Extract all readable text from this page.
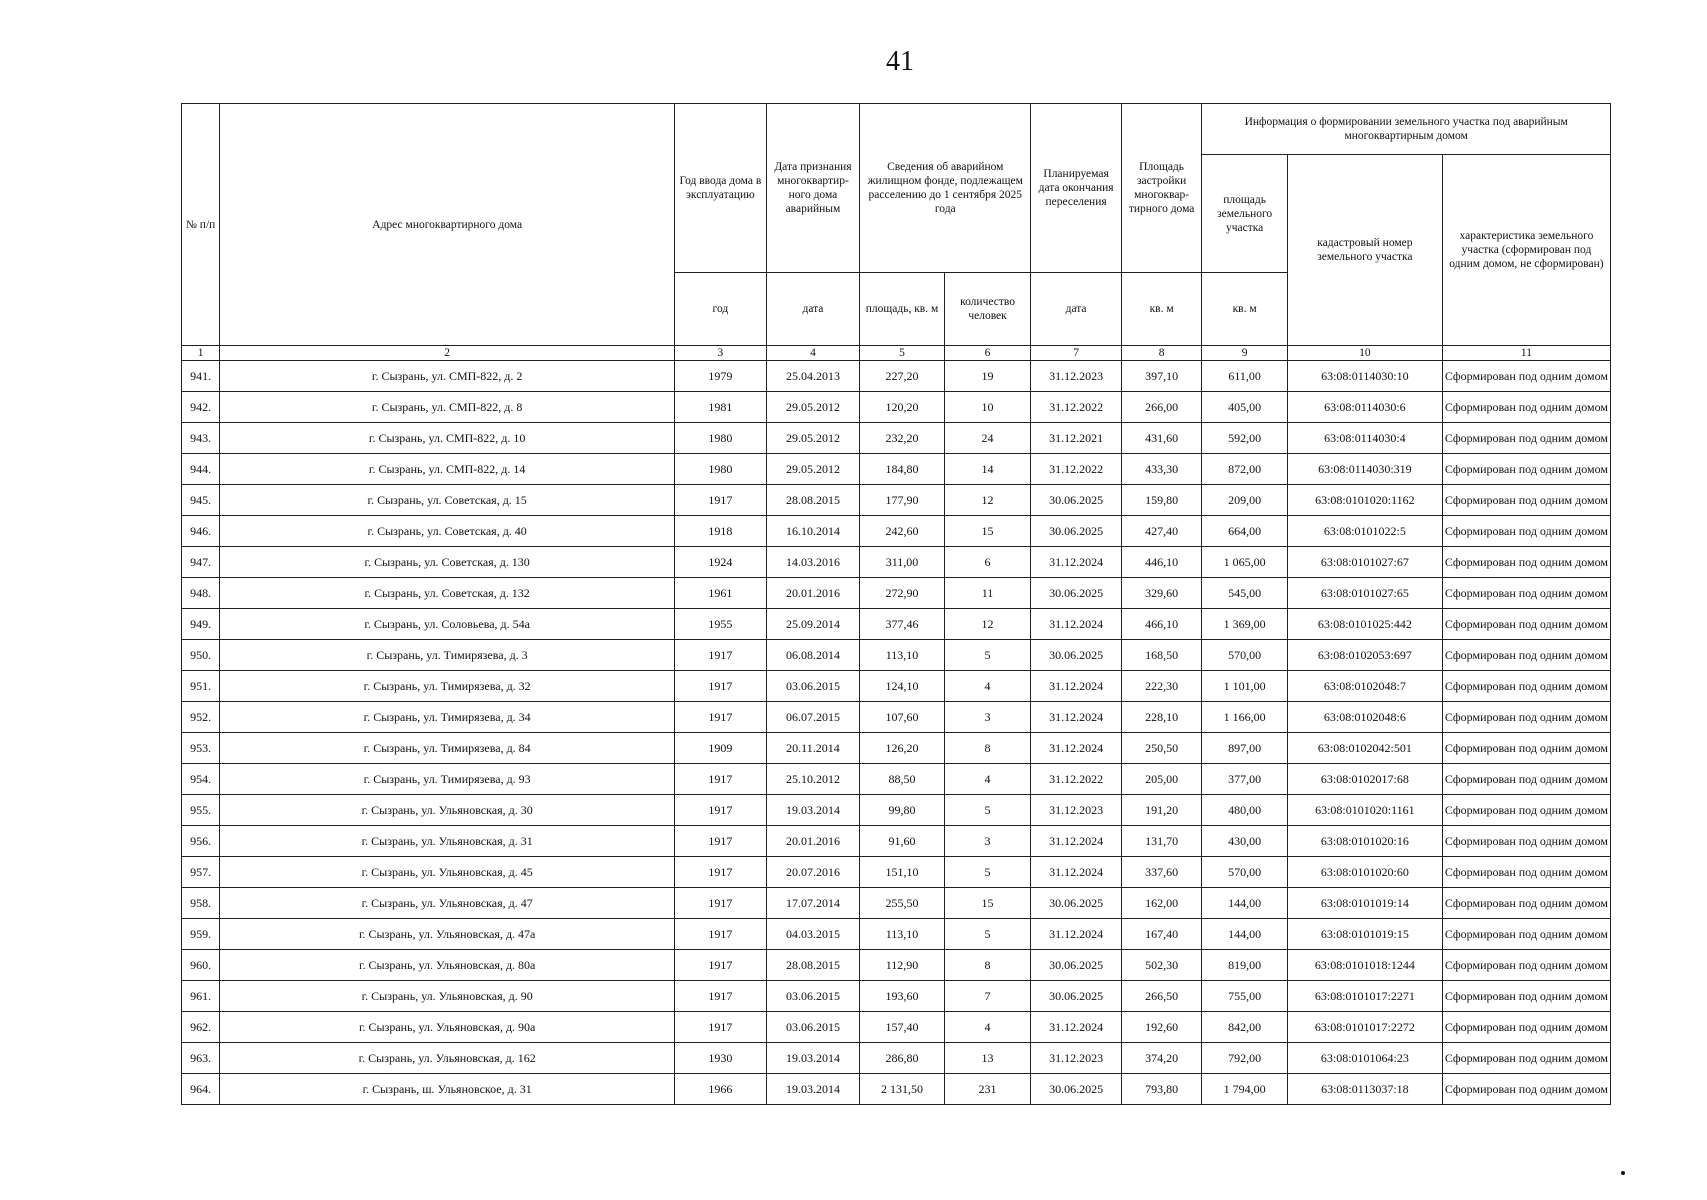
41
№ п/п	Адрес многоквартирного дома	Год ввода дома в эксплуатацию	Дата признания многоквартир-ного дома аварийным	Сведения об аварийном жилищном фонде, подлежащем расселению до 1 сентября 2025 года		Планируемая дата окончания переселения	Площадь застройки многоквар-тирного дома	Информация о формировании земельного участка под аварийным многоквартирным домом		
								площадь земельного участка	кадастровый номер земельного участка	характеристика земельного участка (сформирован под одним домом, не сформирован)
		год	дата	площадь, кв. м	количество человек	дата	кв. м	кв. м		
1	2	3	4	5	6	7	8	9	10	11
941.	г. Сызрань, ул. СМП-822, д. 2	1979	25.04.2013	227,20	19	31.12.2023	397,10	611,00	63:08:0114030:10	Сформирован под одним домом
942.	г. Сызрань, ул. СМП-822, д. 8	1981	29.05.2012	120,20	10	31.12.2022	266,00	405,00	63:08:0114030:6	Сформирован под одним домом
943.	г. Сызрань, ул. СМП-822, д. 10	1980	29.05.2012	232,20	24	31.12.2021	431,60	592,00	63:08:0114030:4	Сформирован под одним домом
944.	г. Сызрань, ул. СМП-822, д. 14	1980	29.05.2012	184,80	14	31.12.2022	433,30	872,00	63:08:0114030:319	Сформирован под одним домом
945.	г. Сызрань, ул. Советская, д. 15	1917	28.08.2015	177,90	12	30.06.2025	159,80	209,00	63:08:0101020:1162	Сформирован под одним домом
946.	г. Сызрань, ул. Советская, д. 40	1918	16.10.2014	242,60	15	30.06.2025	427,40	664,00	63:08:0101022:5	Сформирован под одним домом
947.	г. Сызрань, ул. Советская, д. 130	1924	14.03.2016	311,00	6	31.12.2024	446,10	1 065,00	63:08:0101027:67	Сформирован под одним домом
948.	г. Сызрань, ул. Советская, д. 132	1961	20.01.2016	272,90	11	30.06.2025	329,60	545,00	63:08:0101027:65	Сформирован под одним домом
949.	г. Сызрань, ул. Соловьева, д. 54а	1955	25.09.2014	377,46	12	31.12.2024	466,10	1 369,00	63:08:0101025:442	Сформирован под одним домом
950.	г. Сызрань, ул. Тимирязева, д. 3	1917	06.08.2014	113,10	5	30.06.2025	168,50	570,00	63:08:0102053:697	Сформирован под одним домом
951.	г. Сызрань, ул. Тимирязева, д. 32	1917	03.06.2015	124,10	4	31.12.2024	222,30	1 101,00	63:08:0102048:7	Сформирован под одним домом
952.	г. Сызрань, ул. Тимирязева, д. 34	1917	06.07.2015	107,60	3	31.12.2024	228,10	1 166,00	63:08:0102048:6	Сформирован под одним домом
953.	г. Сызрань, ул. Тимирязева, д. 84	1909	20.11.2014	126,20	8	31.12.2024	250,50	897,00	63:08:0102042:501	Сформирован под одним домом
954.	г. Сызрань, ул. Тимирязева, д. 93	1917	25.10.2012	88,50	4	31.12.2022	205,00	377,00	63:08:0102017:68	Сформирован под одним домом
955.	г. Сызрань, ул. Ульяновская, д. 30	1917	19.03.2014	99,80	5	31.12.2023	191,20	480,00	63:08:0101020:1161	Сформирован под одним домом
956.	г. Сызрань, ул. Ульяновская, д. 31	1917	20.01.2016	91,60	3	31.12.2024	131,70	430,00	63:08:0101020:16	Сформирован под одним домом
957.	г. Сызрань, ул. Ульяновская, д. 45	1917	20.07.2016	151,10	5	31.12.2024	337,60	570,00	63:08:0101020:60	Сформирован под одним домом
958.	г. Сызрань, ул. Ульяновская, д. 47	1917	17.07.2014	255,50	15	30.06.2025	162,00	144,00	63:08:0101019:14	Сформирован под одним домом
959.	г. Сызрань, ул. Ульяновская, д. 47а	1917	04.03.2015	113,10	5	31.12.2024	167,40	144,00	63:08:0101019:15	Сформирован под одним домом
960.	г. Сызрань, ул. Ульяновская, д. 80а	1917	28.08.2015	112,90	8	30.06.2025	502,30	819,00	63:08:0101018:1244	Сформирован под одним домом
961.	г. Сызрань, ул. Ульяновская, д. 90	1917	03.06.2015	193,60	7	30.06.2025	266,50	755,00	63:08:0101017:2271	Сформирован под одним домом
962.	г. Сызрань, ул. Ульяновская, д. 90а	1917	03.06.2015	157,40	4	31.12.2024	192,60	842,00	63:08:0101017:2272	Сформирован под одним домом
963.	г. Сызрань, ул. Ульяновская, д. 162	1930	19.03.2014	286,80	13	31.12.2023	374,20	792,00	63:08:0101064:23	Сформирован под одним домом
964.	г. Сызрань, ш. Ульяновское, д. 31	1966	19.03.2014	2 131,50	231	30.06.2025	793,80	1 794,00	63:08:0113037:18	Сформирован под одним домом
